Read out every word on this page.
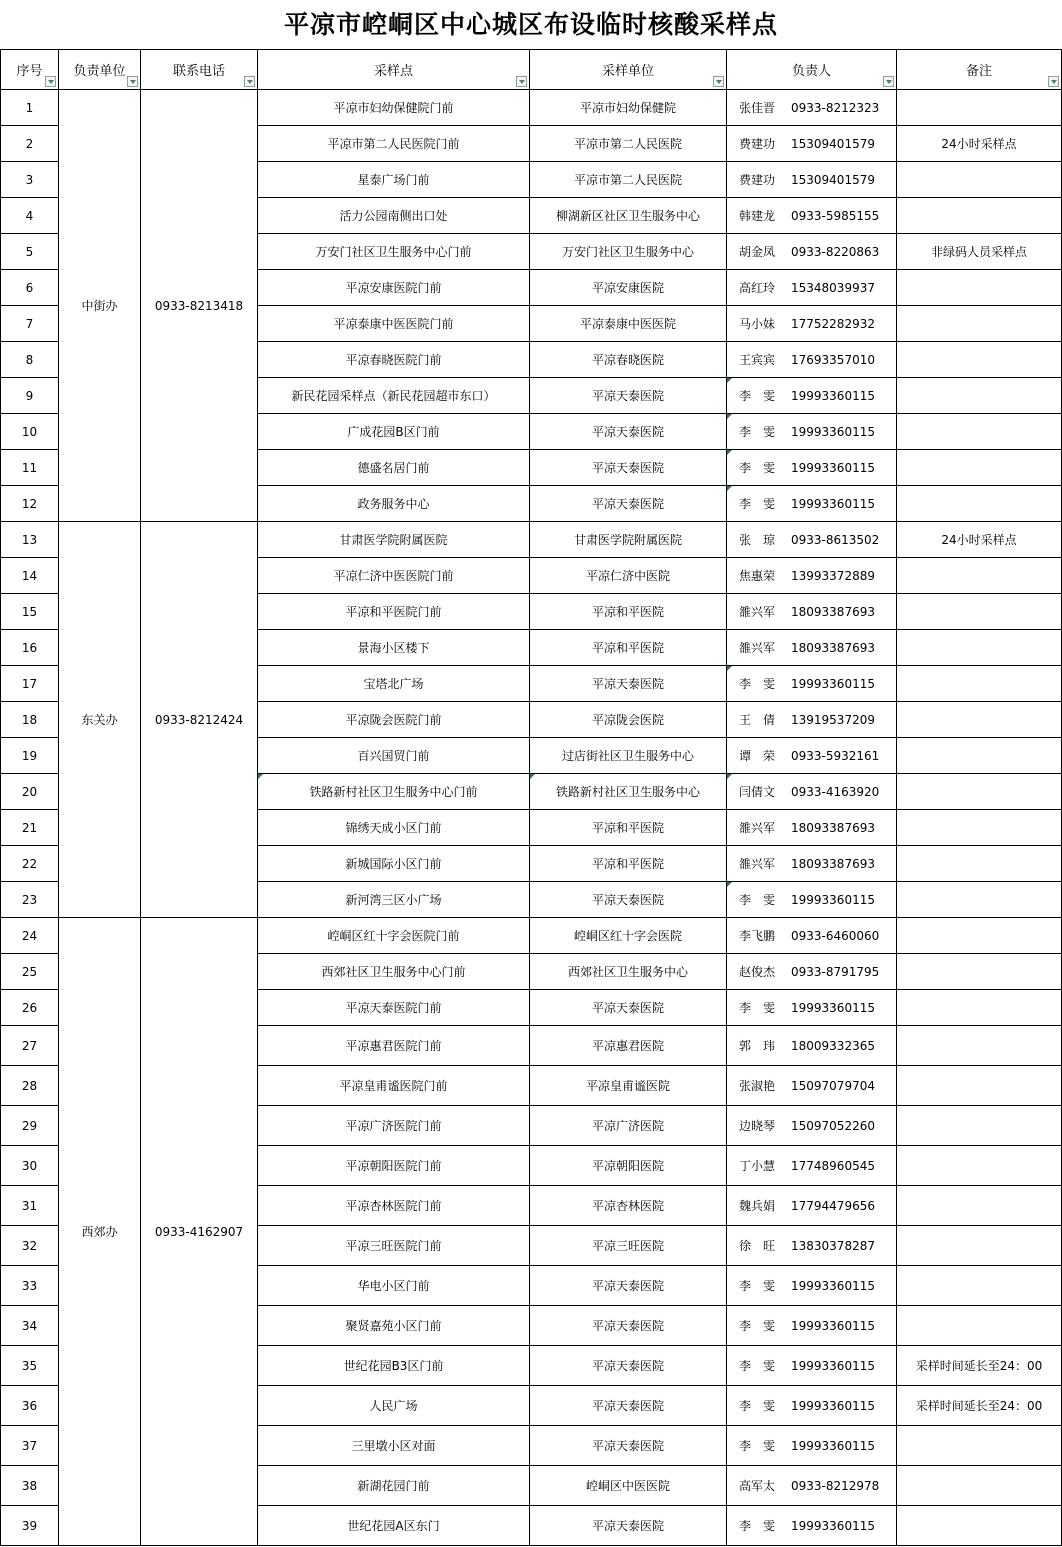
平凉市崆峒区中心城区布设临时核酸采样点
序号	负责单位	联系电话	采样点	采样单位	负责人	备注

1	中街办	0933-8213418	平凉市妇幼保健院门前	平凉市妇幼保健院	张佳晋 0933-8212323	
2			平凉市第二人民医院门前	平凉市第二人民医院	费建功 15309401579	24小时采样点
3			星泰广场门前	平凉市第二人民医院	费建功 15309401579	
4			活力公园南侧出口处	柳湖新区社区卫生服务中心	韩建龙 0933-5985155	
5			万安门社区卫生服务中心门前	万安门社区卫生服务中心	胡金凤 0933-8220863	非绿码人员采样点
6			平凉安康医院门前	平凉安康医院	高红玲 15348039937	
7			平凉泰康中医医院门前	平凉泰康中医医院	马小妹 17752282932	
8			平凉春晓医院门前	平凉春晓医院	王宾宾 17693357010	
9			新民花园采样点（新民花园超市东口）	平凉天泰医院	李　雯 19993360115	
10			广成花园B区门前	平凉天泰医院	李　雯 19993360115	
11			德盛名居门前	平凉天泰医院	李　雯 19993360115	
12			政务服务中心	平凉天泰医院	李　雯 19993360115	
13	东关办	0933-8212424	甘肃医学院附属医院	甘肃医学院附属医院	张　琼 0933-8613502	24小时采样点
14			平凉仁济中医医院门前	平凉仁济中医院	焦惠荣 13993372889	
15			平凉和平医院门前	平凉和平医院	雒兴军 18093387693	
16			景海小区楼下	平凉和平医院	雒兴军 18093387693	
17			宝塔北广场	平凉天泰医院	李　雯 19993360115	
18			平凉陇会医院门前	平凉陇会医院	王　倩 13919537209	
19			百兴国贸门前	过店街社区卫生服务中心	谭　荣 0933-5932161	
20			铁路新村社区卫生服务中心门前	铁路新村社区卫生服务中心	闫倩文 0933-4163920	
21			锦绣天成小区门前	平凉和平医院	雒兴军 18093387693	
22			新城国际小区门前	平凉和平医院	雒兴军 18093387693	
23			新河湾三区小广场	平凉天泰医院	李　雯 19993360115	
24	西郊办	0933-4162907	崆峒区红十字会医院门前	崆峒区红十字会医院	李飞鹏 0933-6460060	
25			西郊社区卫生服务中心门前	西郊社区卫生服务中心	赵俊杰 0933-8791795	
26			平凉天泰医院门前	平凉天泰医院	李　雯 19993360115	
27			平凉惠君医院门前	平凉惠君医院	郭　玮 18009332365	
28			平凉皇甫谧医院门前	平凉皇甫谧医院	张淑艳 15097079704	
29			平凉广济医院门前	平凉广济医院	边晓琴 15097052260	
30			平凉朝阳医院门前	平凉朝阳医院	丁小慧 17748960545	
31			平凉杏林医院门前	平凉杏林医院	魏兵娟 17794479656	
32			平凉三旺医院门前	平凉三旺医院	徐　旺 13830378287	
33			华电小区门前	平凉天泰医院	李　雯 19993360115	
34			聚贤嘉苑小区门前	平凉天泰医院	李　雯 19993360115	
35			世纪花园B3区门前	平凉天泰医院	李　雯 19993360115	采样时间延长至24：00
36			人民广场	平凉天泰医院	李　雯 19993360115	采样时间延长至24：00
37			三里墩小区对面	平凉天泰医院	李　雯 19993360115	
38			新湖花园门前	崆峒区中医医院	高军太 0933-8212978	
39			世纪花园A区东门	平凉天泰医院	李　雯 19993360115	
